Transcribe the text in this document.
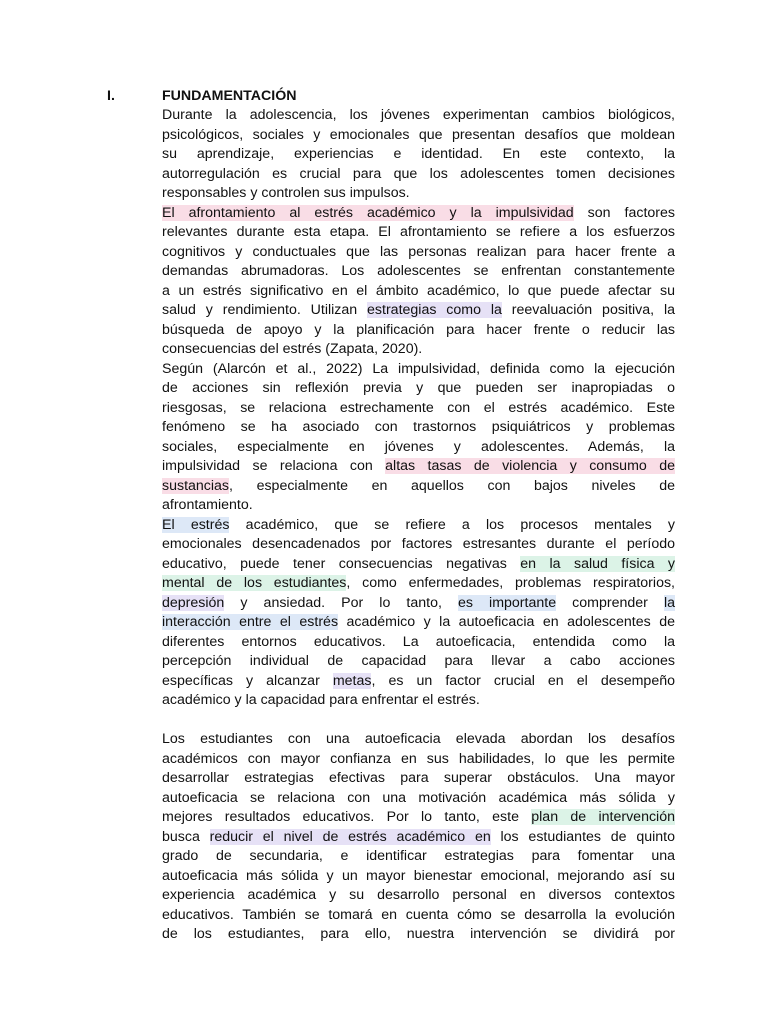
I.	FUNDAMENTACIÓN
Durante la adolescencia, los jóvenes experimentan cambios biológicos,
psicológicos, sociales y emocionales que presentan desafíos que moldean
su aprendizaje, experiencias e identidad. En este contexto, la
autorregulación es crucial para que los adolescentes tomen decisiones
responsables y controlen sus impulsos.
El afrontamiento al estrés académico y la impulsividad son factores
relevantes durante esta etapa. El afrontamiento se refiere a los esfuerzos
cognitivos y conductuales que las personas realizan para hacer frente a
demandas abrumadoras. Los adolescentes se enfrentan constantemente
a un estrés significativo en el ámbito académico, lo que puede afectar su
salud y rendimiento. Utilizan estrategias como la reevaluación positiva, la
búsqueda de apoyo y la planificación para hacer frente o reducir las
consecuencias del estrés (Zapata, 2020).
Según (Alarcón et al., 2022) La impulsividad, definida como la ejecución
de acciones sin reflexión previa y que pueden ser inapropiadas o
riesgosas, se relaciona estrechamente con el estrés académico. Este
fenómeno se ha asociado con trastornos psiquiátricos y problemas
sociales, especialmente en jóvenes y adolescentes. Además, la
impulsividad se relaciona con altas tasas de violencia y consumo de
sustancias, especialmente en aquellos con bajos niveles de
afrontamiento.
El estrés académico, que se refiere a los procesos mentales y
emocionales desencadenados por factores estresantes durante el período
educativo, puede tener consecuencias negativas en la salud física y
mental de los estudiantes, como enfermedades, problemas respiratorios,
depresión y ansiedad. Por lo tanto, es importante comprender la
interacción entre el estrés académico y la autoeficacia en adolescentes de
diferentes entornos educativos. La autoeficacia, entendida como la
percepción individual de capacidad para llevar a cabo acciones
específicas y alcanzar metas, es un factor crucial en el desempeño
académico y la capacidad para enfrentar el estrés.
Los estudiantes con una autoeficacia elevada abordan los desafíos
académicos con mayor confianza en sus habilidades, lo que les permite
desarrollar estrategias efectivas para superar obstáculos. Una mayor
autoeficacia se relaciona con una motivación académica más sólida y
mejores resultados educativos. Por lo tanto, este plan de intervención
busca reducir el nivel de estrés académico en los estudiantes de quinto
grado de secundaria, e identificar estrategias para fomentar una
autoeficacia más sólida y un mayor bienestar emocional, mejorando así su
experiencia académica y su desarrollo personal en diversos contextos
educativos. También se tomará en cuenta cómo se desarrolla la evolución
de los estudiantes, para ello, nuestra intervención se dividirá por
